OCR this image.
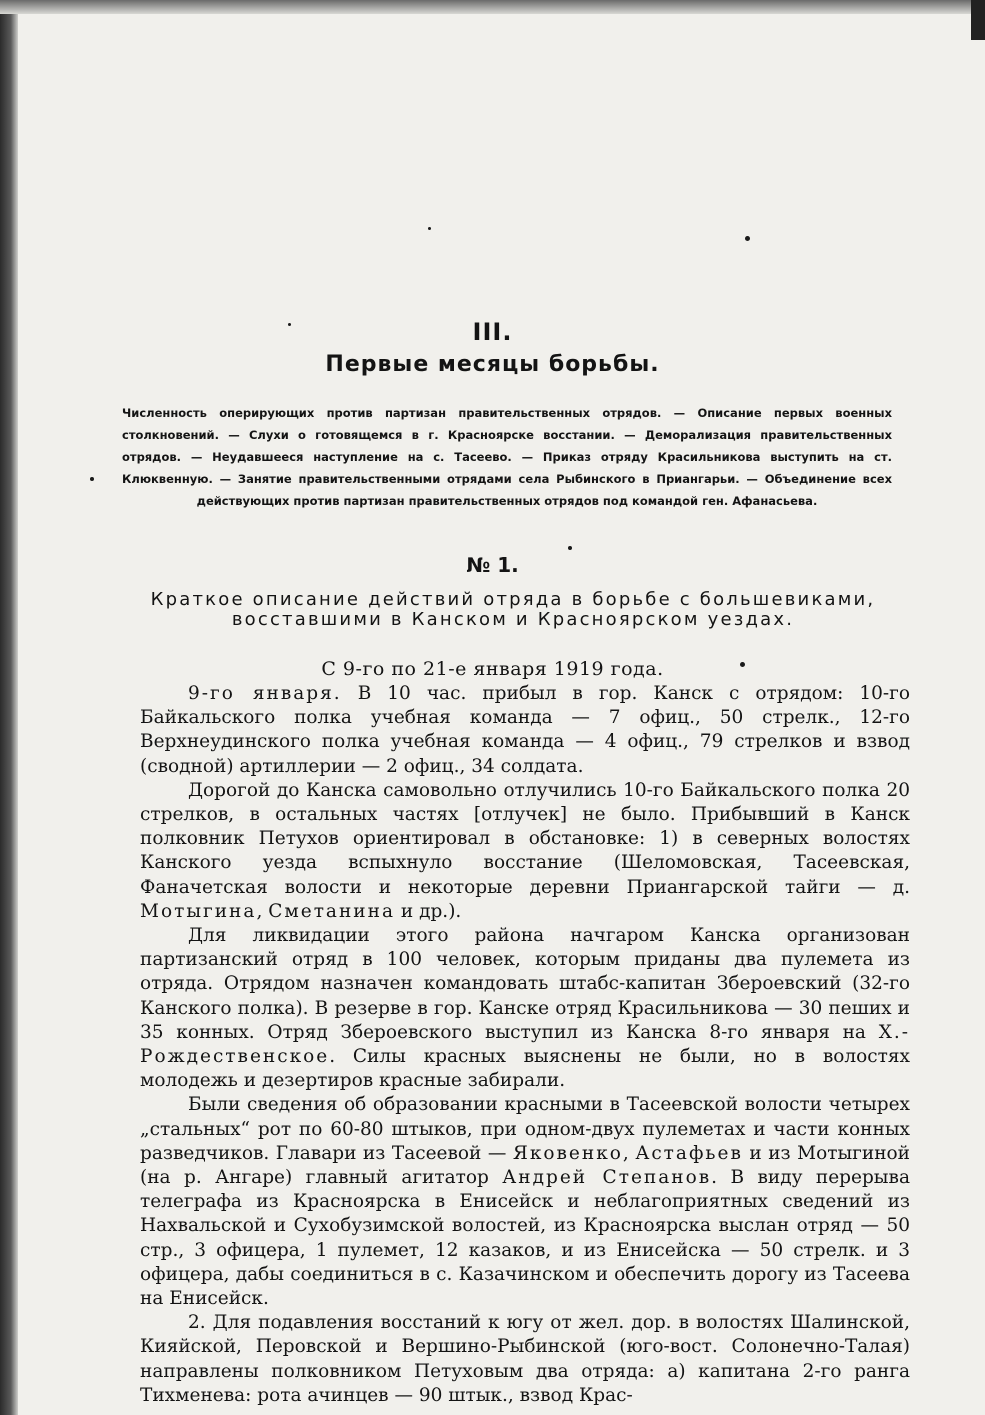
III.
Первые месяцы борьбы.
Численность оперирующих против партизан правительственных отрядов. — Описание первых военных столкновений. — Слухи о готовящемся в г. Красноярске восстании. — Деморализация правительственных отрядов. — Неудавшееся наступление на с. Тасеево. — Приказ отряду Красильникова выступить на ст. Клюквенную. — Занятие правительственными отрядами села Рыбинского в Приангарьи. — Объединение всех действующих против партизан правительственных отрядов под командой ген. Афанасьева.
№ 1.
Краткое описание действий отряда в борьбе с большевиками, восставшими в Канском и Красноярском уездах.
С 9-го по 21-е января 1919 года.

9-го января. В 10 час. прибыл в гор. Канск с отрядом: 10-го Байкальского полка учебная команда — 7 офиц., 50 стрелк., 12-го Верхнеудинского полка учебная команда — 4 офиц., 79 стрелков и взвод (сводной) артиллерии — 2 офиц., 34 солдата.

Дорогой до Канска самовольно отлучились 10-го Байкальского полка 20 стрелков, в остальных частях [отлучек] не было. Прибывший в Канск полковник Петухов ориентировал в обстановке: 1) в северных волостях Канского уезда вспыхнуло восстание (Шеломовская, Тасеевская, Фаначетская волости и некоторые деревни Приангарской тайги — д. Мотыгина, Сметанина и др.).

Для ликвидации этого района начгаром Канска организован партизанский отряд в 100 человек, которым приданы два пулемета из отряда. Отрядом назначен командовать штабс-капитан Збероевский (32-го Канского полка). В резерве в гор. Канске отряд Красильникова — 30 пеших и 35 конных. Отряд Збероевского выступил из Канска 8-го января на Х.-Рождественское. Силы красных выяснены не были, но в волостях молодежь и дезертиров красные забирали.

Были сведения об образовании красными в Тасеевской волости четырех „стальных“ рот по 60-80 штыков, при одном-двух пулеметах и части конных разведчиков. Главари из Тасеевой — Яковенко, Астафьев и из Мотыгиной (на р. Ангаре) главный агитатор Андрей Степанов. В виду перерыва телеграфа из Красноярска в Енисейск и неблагоприятных сведений из Нахвальской и Сухобузимской волостей, из Красноярска выслан отряд — 50 стр., 3 офицера, 1 пулемет, 12 казаков, и из Енисейска — 50 стрелк. и 3 офицера, дабы соединиться в с. Казачинском и обеспечить дорогу из Тасеева на Енисейск.

2. Для подавления восстаний к югу от жел. дор. в волостях Шалинской, Кияйской, Перовской и Вершино-Рыбинской (юго-вост. Солонечно-Талая) направлены полковником Петуховым два отряда: а) капитана 2-го ранга Тихменева: рота ачинцев — 90 штык., взвод Крас-
